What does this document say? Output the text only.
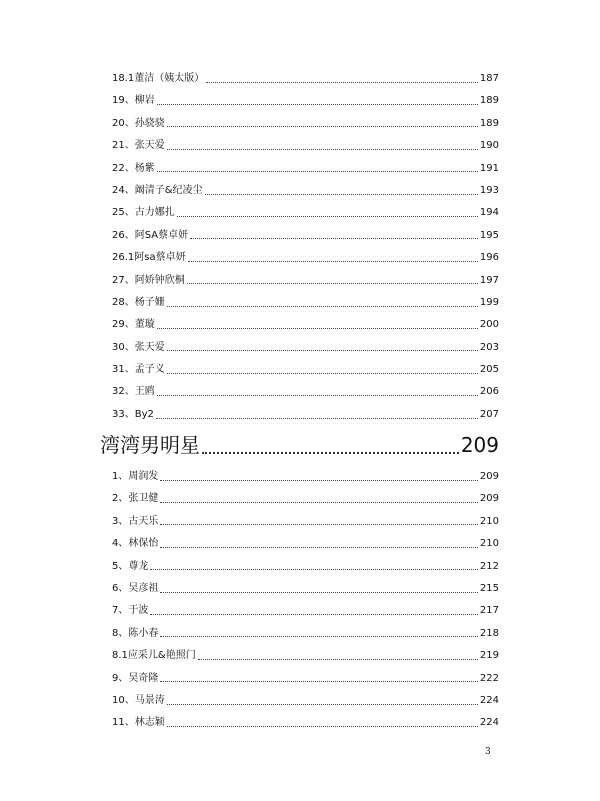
18.1董洁（姨太版）	187
19、柳岩	189
20、孙骁骁	189
21、张天爱	190
22、杨紫	191
24、阚清子&纪凌尘	193
25、古力娜扎	194
26、阿SA蔡卓妍	195
26.1阿sa蔡卓妍	196
27、阿娇钟欣桐	197
28、杨子姗	199
29、董璇	200
30、张天爱	203
31、孟子义	205
32、王鸥	206
33、By2	207
湾湾男明星	209
1、周润发	209
2、张卫健	209
3、古天乐	210
4、林保怡	210
5、尊龙	212
6、吴彦祖	215
7、于波	217
8、陈小春	218
8.1应采儿&艳照门	219
9、吴奇隆	222
10、马景涛	224
11、林志颖	224
3
